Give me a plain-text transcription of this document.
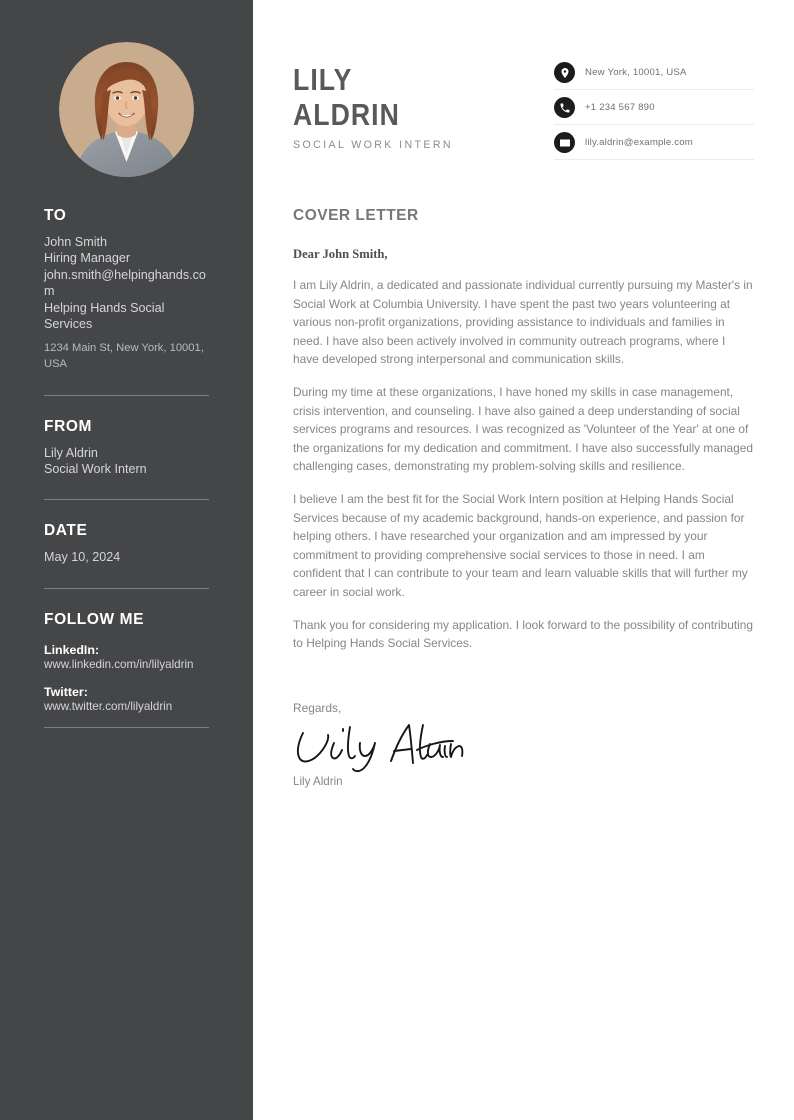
TO
John Smith
Hiring Manager
john.smith@helpinghands.com
Helping Hands Social Services
1234 Main St, New York, 10001, USA
FROM
Lily Aldrin
Social Work Intern
DATE
May 10, 2024
FOLLOW ME
LinkedIn:
www.linkedin.com/in/lilyaldrin
Twitter:
www.twitter.com/lilyaldrin
LILY
ALDRIN
SOCIAL WORK INTERN
New York, 10001, USA
+1 234 567 890
lily.aldrin@example.com
COVER LETTER
Dear John Smith,

I am Lily Aldrin, a dedicated and passionate individual currently pursuing my Master's in Social Work at Columbia University. I have spent the past two years volunteering at various non-profit organizations, providing assistance to individuals and families in need. I have also been actively involved in community outreach programs, where I have developed strong interpersonal and communication skills.

During my time at these organizations, I have honed my skills in case management, crisis intervention, and counseling. I have also gained a deep understanding of social services programs and resources. I was recognized as 'Volunteer of the Year' at one of the organizations for my dedication and commitment. I have also successfully managed challenging cases, demonstrating my problem-solving skills and resilience.

I believe I am the best fit for the Social Work Intern position at Helping Hands Social Services because of my academic background, hands-on experience, and passion for helping others. I have researched your organization and am impressed by your commitment to providing comprehensive social services to those in need. I am confident that I can contribute to your team and learn valuable skills that will further my career in social work.

Thank you for considering my application. I look forward to the possibility of contributing to Helping Hands Social Services.

Regards,
Lily Aldrin
